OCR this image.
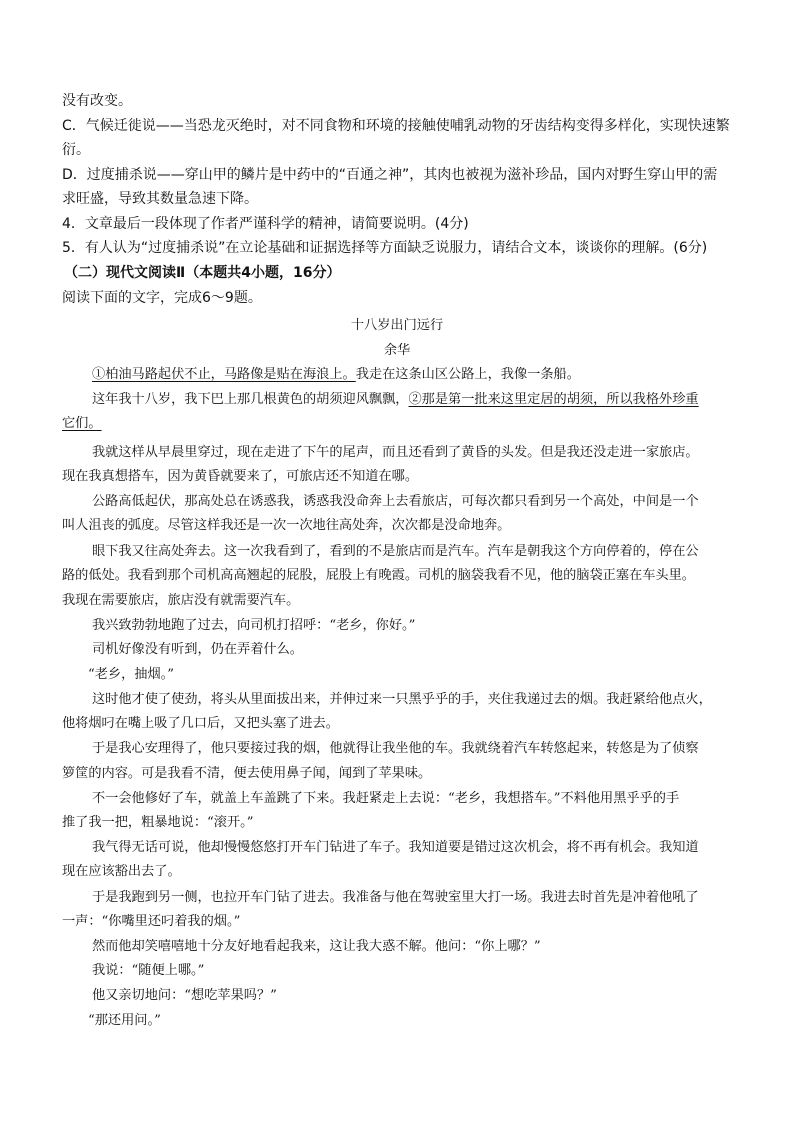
没有改变。
C．气候迁徙说——当恐龙灭绝时，对不同食物和环境的接触使哺乳动物的牙齿结构变得多样化，实现快速繁
衍。
D．过度捕杀说——穿山甲的鳞片是中药中的“百通之神”，其肉也被视为滋补珍品，国内对野生穿山甲的需
求旺盛，导致其数量急速下降。
4．文章最后一段体现了作者严谨科学的精神，请简要说明。(4分)
5．有人认为“过度捕杀说”在立论基础和证据选择等方面缺乏说服力，请结合文本，谈谈你的理解。(6分)
（二）现代文阅读Ⅱ（本题共4小题，16分）
阅读下面的文字，完成6～9题。
十八岁出门远行
余华
①柏油马路起伏不止，马路像是贴在海浪上。我走在这条山区公路上，我像一条船。
这年我十八岁，我下巴上那几根黄色的胡须迎风飘飘，②那是第一批来这里定居的胡须，所以我格外珍重
它们。
我就这样从早晨里穿过，现在走进了下午的尾声，而且还看到了黄昏的头发。但是我还没走进一家旅店。
现在我真想搭车，因为黄昏就要来了，可旅店还不知道在哪。
公路高低起伏，那高处总在诱惑我，诱惑我没命奔上去看旅店，可每次都只看到另一个高处，中间是一个
叫人沮丧的弧度。尽管这样我还是一次一次地往高处奔，次次都是没命地奔。
眼下我又往高处奔去。这一次我看到了，看到的不是旅店而是汽车。汽车是朝我这个方向停着的，停在公
路的低处。我看到那个司机高高翘起的屁股，屁股上有晚霞。司机的脑袋我看不见，他的脑袋正塞在车头里。
我现在需要旅店，旅店没有就需要汽车。
我兴致勃勃地跑了过去，向司机打招呼：“老乡，你好。”
司机好像没有听到，仍在弄着什么。
“老乡，抽烟。”
这时他才使了使劲，将头从里面拔出来，并伸过来一只黑乎乎的手，夹住我递过去的烟。我赶紧给他点火，
他将烟叼在嘴上吸了几口后，又把头塞了进去。
于是我心安理得了，他只要接过我的烟，他就得让我坐他的车。我就绕着汽车转悠起来，转悠是为了侦察
箩筐的内容。可是我看不清，便去使用鼻子闻，闻到了苹果味。
不一会他修好了车，就盖上车盖跳了下来。我赶紧走上去说：“老乡，我想搭车。”不料他用黑乎乎的手
推了我一把，粗暴地说：“滚开。”
我气得无话可说，他却慢慢悠悠打开车门钻进了车子。我知道要是错过这次机会，将不再有机会。我知道
现在应该豁出去了。
于是我跑到另一侧，也拉开车门钻了进去。我准备与他在驾驶室里大打一场。我进去时首先是冲着他吼了
一声：“你嘴里还叼着我的烟。”
然而他却笑嘻嘻地十分友好地看起我来，这让我大惑不解。他问：“你上哪？”
我说：“随便上哪。”
他又亲切地问：“想吃苹果吗？”
“那还用问。”
